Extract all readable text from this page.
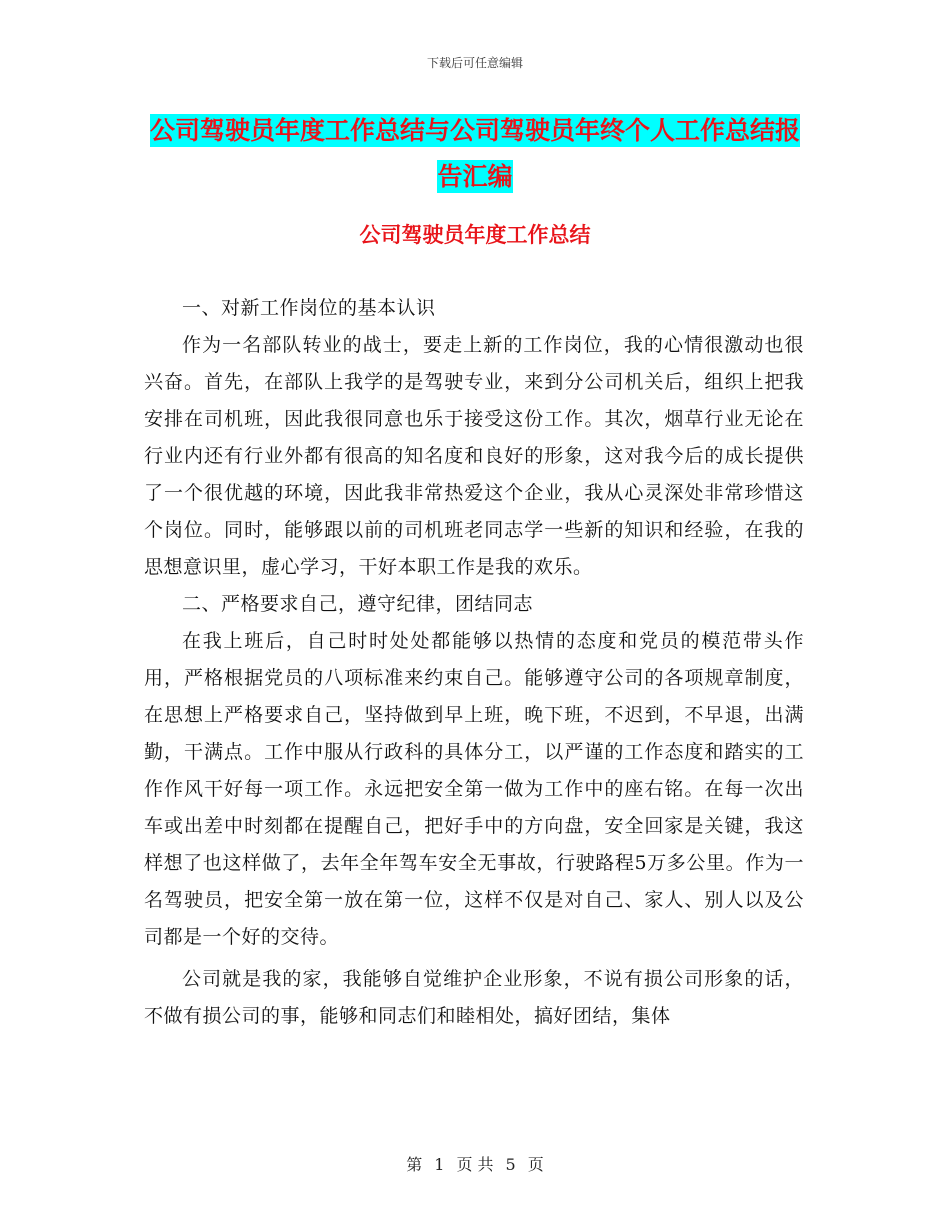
下载后可任意编辑
公司驾驶员年度工作总结与公司驾驶员年终个人工作总结报告汇编
公司驾驶员年度工作总结

一、对新工作岗位的基本认识

作为一名部队转业的战士，要走上新的工作岗位，我的心情很激动也很兴奋。首先，在部队上我学的是驾驶专业，来到分公司机关后，组织上把我安排在司机班，因此我很同意也乐于接受这份工作。其次，烟草行业无论在行业内还有行业外都有很高的知名度和良好的形象，这对我今后的成长提供了一个很优越的环境，因此我非常热爱这个企业，我从心灵深处非常珍惜这个岗位。同时，能够跟以前的司机班老同志学一些新的知识和经验，在我的思想意识里，虚心学习，干好本职工作是我的欢乐。

二、严格要求自己，遵守纪律，团结同志

在我上班后，自己时时处处都能够以热情的态度和党员的模范带头作用，严格根据党员的八项标准来约束自己。能够遵守公司的各项规章制度，在思想上严格要求自己，坚持做到早上班，晚下班，不迟到，不早退，出满勤，干满点。工作中服从行政科的具体分工，以严谨的工作态度和踏实的工作作风干好每一项工作。永远把安全第一做为工作中的座右铭。在每一次出车或出差中时刻都在提醒自己，把好手中的方向盘，安全回家是关键，我这样想了也这样做了，去年全年驾车安全无事故，行驶路程5万多公里。作为一名驾驶员，把安全第一放在第一位，这样不仅是对自己、家人、别人以及公司都是一个好的交待。

公司就是我的家，我能够自觉维护企业形象，不说有损公司形象的话，不做有损公司的事，能够和同志们和睦相处，搞好团结，集体

第 1 页 共 5 页
